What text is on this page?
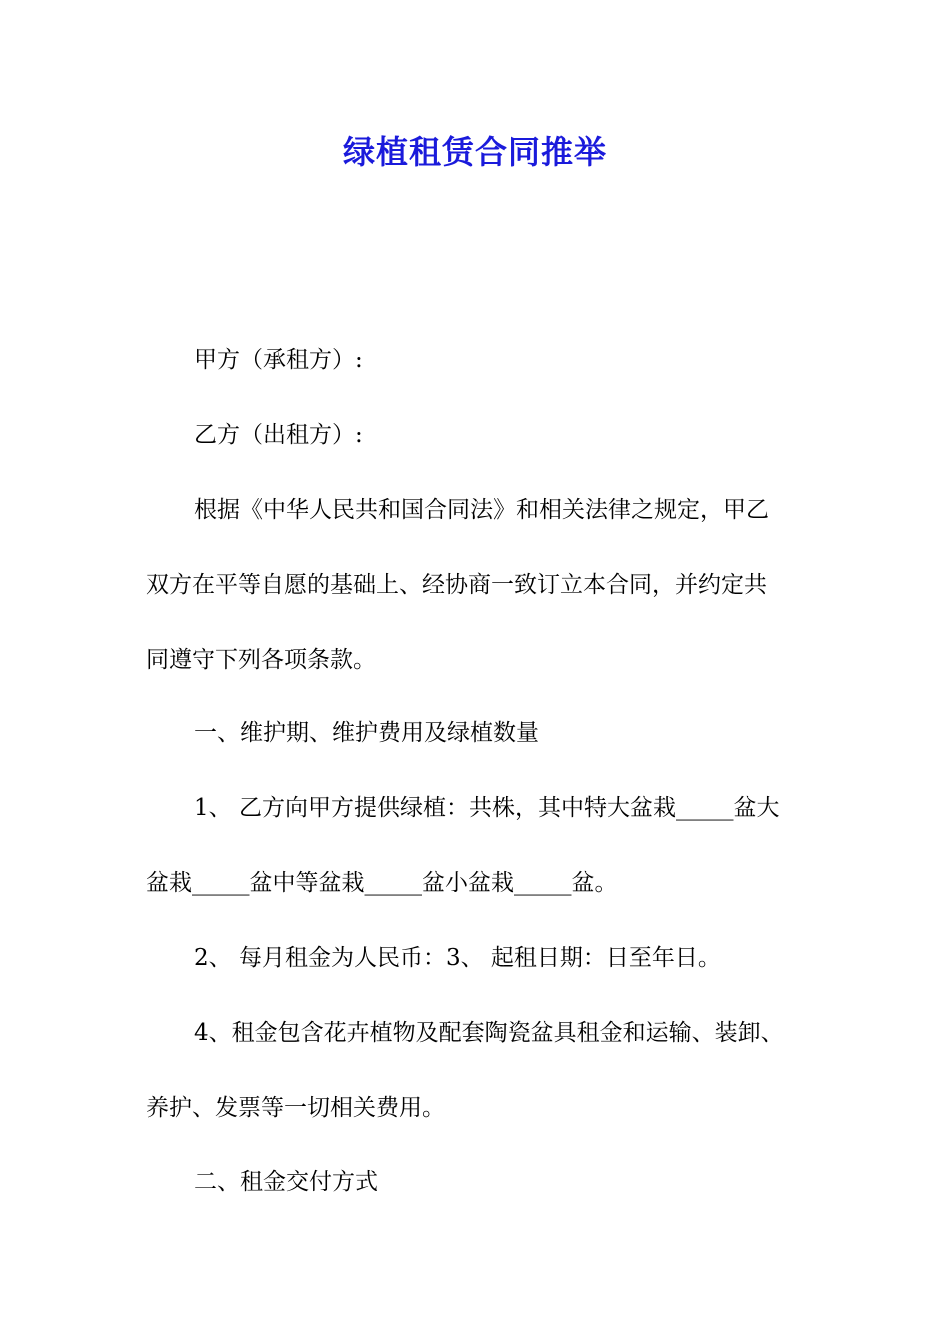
绿植租赁合同推举
甲方（承租方）:
乙方（出租方）:
根据《中华人民共和国合同法》和相关法律之规定，甲乙
双方在平等自愿的基础上、经协商一致订立本合同，并约定共
同遵守下列各项条款。
一、维护期、维护费用及绿植数量
1、 乙方向甲方提供绿植：共株，其中特大盆栽_____盆大
盆栽_____盆中等盆栽_____盆小盆栽_____盆。
2、 每月租金为人民币：3、 起租日期：日至年日。
4、租金包含花卉植物及配套陶瓷盆具租金和运输、装卸、
养护、发票等一切相关费用。
二、租金交付方式
